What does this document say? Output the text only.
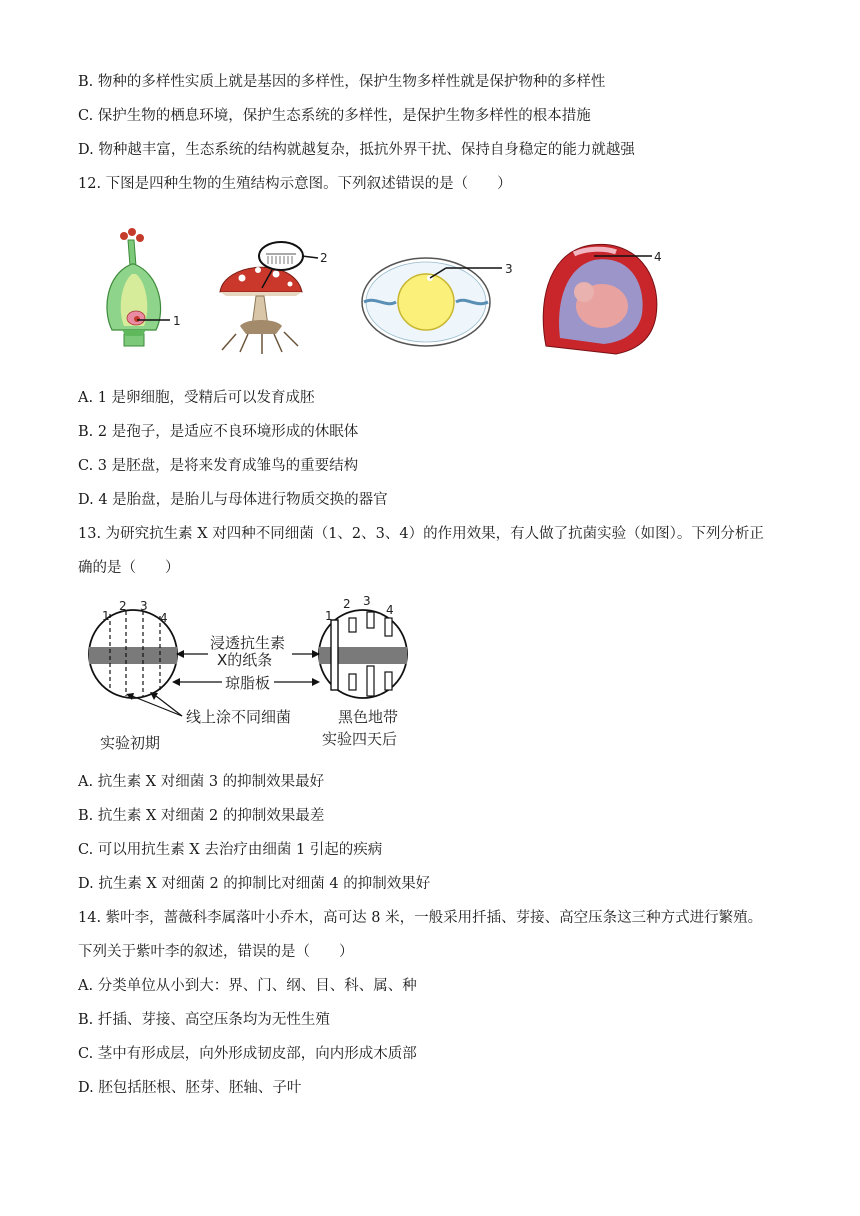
B. 物种的多样性实质上就是基因的多样性，保护生物多样性就是保护物种的多样性
C. 保护生物的栖息环境，保护生态系统的多样性，是保护生物多样性的根本措施
D. 物种越丰富，生态系统的结构就越复杂，抵抗外界干扰、保持自身稳定的能力就越强
12. 下图是四种生物的生殖结构示意图。下列叙述错误的是（　　）
1
2
3
4
A. 1 是卵细胞，受精后可以发育成胚
B. 2 是孢子，是适应不良环境形成的休眠体
C. 3 是胚盘，是将来发育成雏鸟的重要结构
D. 4 是胎盘，是胎儿与母体进行物质交换的器官
13. 为研究抗生素 X 对四种不同细菌（1、2、3、4）的作用效果，有人做了抗菌实验（如图）。下列分析正
确的是（　　）
1
2 3
4	1
2 3
4
浸透抗生素
X的纸条
琼脂板
线上涂不同细菌	黑色地带
实验初期	实验四天后
A. 抗生素 X 对细菌 3 的抑制效果最好
B. 抗生素 X 对细菌 2 的抑制效果最差
C. 可以用抗生素 X 去治疗由细菌 1 引起的疾病
D. 抗生素 X 对细菌 2 的抑制比对细菌 4 的抑制效果好
14. 紫叶李，蔷薇科李属落叶小乔木，高可达 8 米，一般采用扦插、芽接、高空压条这三种方式进行繁殖。
下列关于紫叶李的叙述，错误的是（　　）
A. 分类单位从小到大：界、门、纲、目、科、属、种
B. 扦插、芽接、高空压条均为无性生殖
C. 茎中有形成层，向外形成韧皮部，向内形成木质部
D. 胚包括胚根、胚芽、胚轴、子叶
